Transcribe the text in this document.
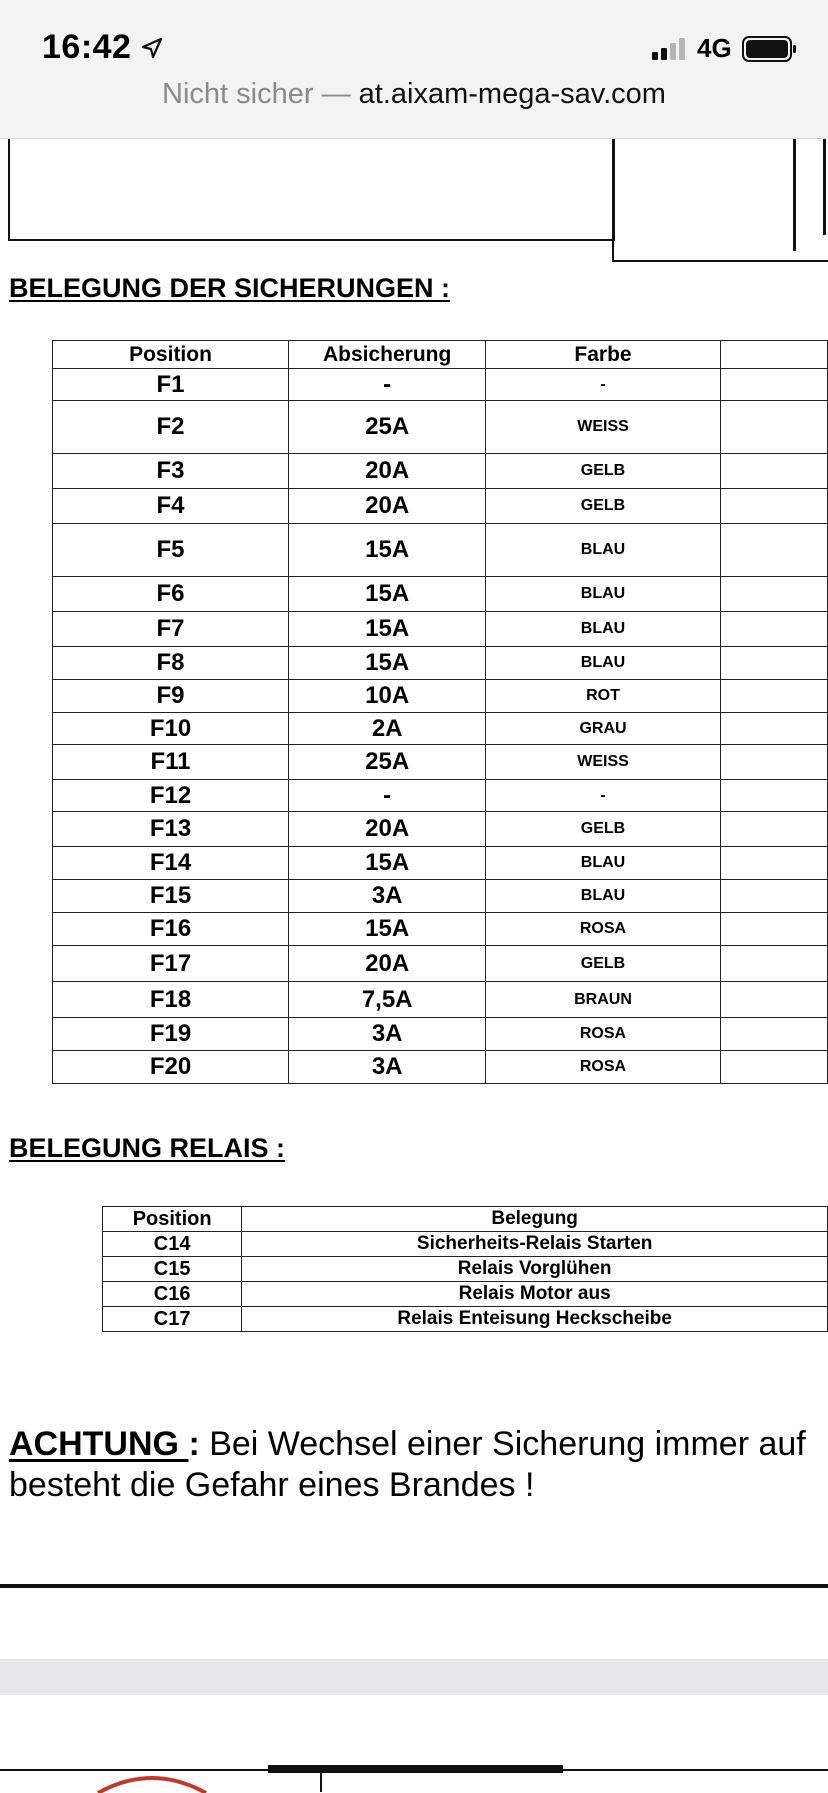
16:42	4G
Nicht sicher — at.aixam-mega-sav.com
BELEGUNG DER SICHERUNGEN :
Position	Absicherung	Farbe	
F1	-	-	
F2	25A	WEISS	
F3	20A	GELB	
F4	20A	GELB	
F5	15A	BLAU	
F6	15A	BLAU	
F7	15A	BLAU	
F8	15A	BLAU	
F9	10A	ROT	
F10	2A	GRAU	
F11	25A	WEISS	
F12	-	-	
F13	20A	GELB	
F14	15A	BLAU	
F15	3A	BLAU	
F16	15A	ROSA	
F17	20A	GELB	
F18	7,5A	BRAUN	
F19	3A	ROSA	
F20	3A	ROSA	
BELEGUNG RELAIS :
Position	Belegung
C14	Sicherheits-Relais Starten
C15	Relais Vorglühen
C16	Relais Motor aus
C17	Relais Enteisung Heckscheibe
ACHTUNG : Bei Wechsel einer Sicherung immer auf
besteht die Gefahr eines Brandes !
